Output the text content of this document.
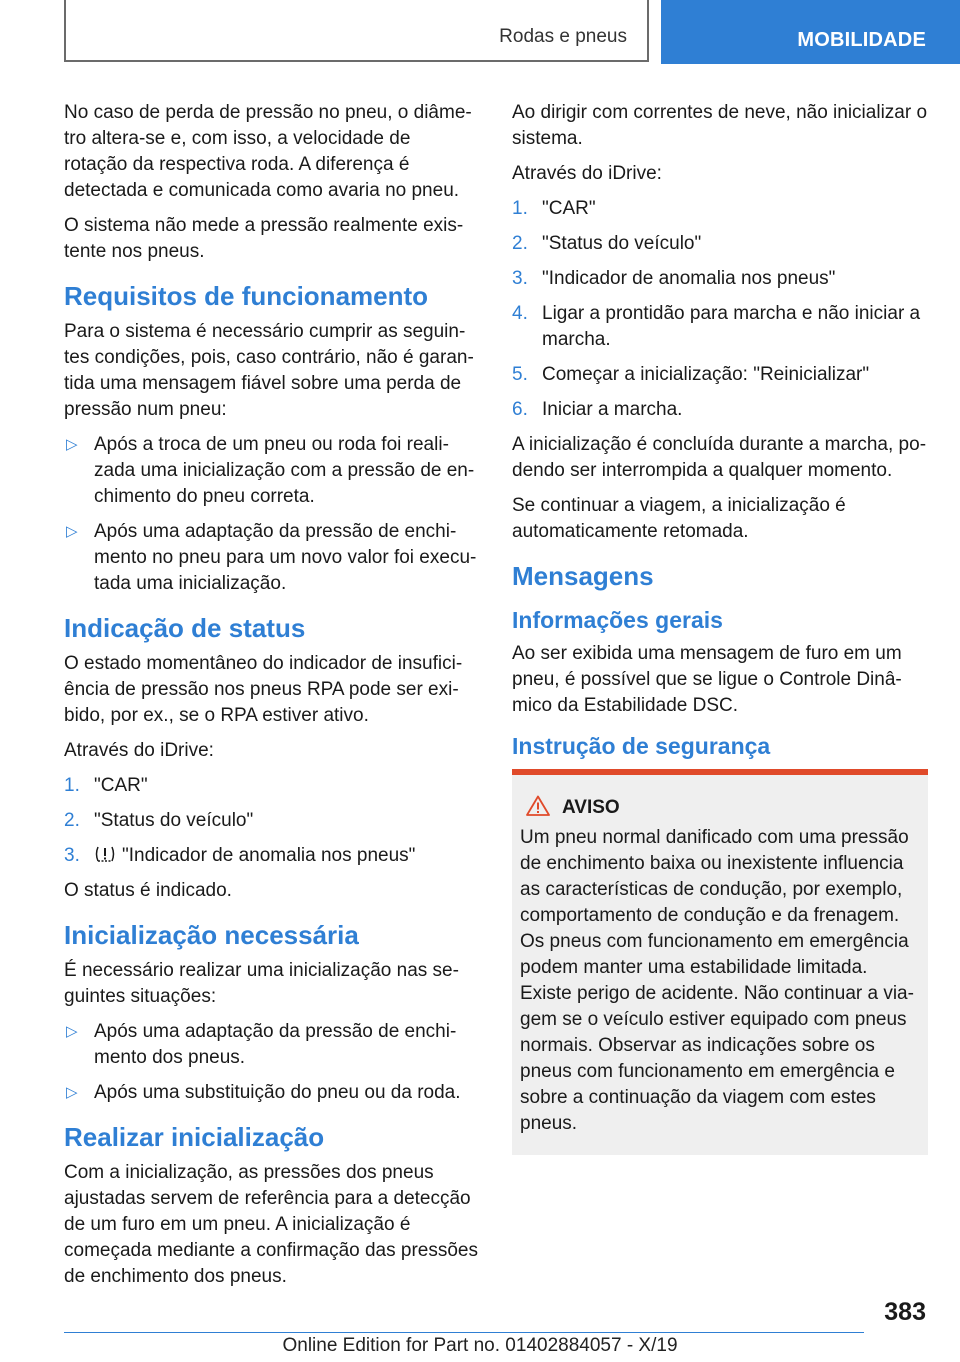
Rodas e pneus	MOBILIDADE

No caso de perda de pressão no pneu, o diâmetro altera-se e, com isso, a velocidade de rotação da respectiva roda. A diferença é detectada e comunicada como avaria no pneu.

O sistema não mede a pressão realmente existente nos pneus.

Requisitos de funcionamento

Para o sistema é necessário cumprir as seguintes condições, pois, caso contrário, não é garantida uma mensagem fiável sobre uma perda de pressão num pneu:

▷ Após a troca de um pneu ou roda foi realizada uma inicialização com a pressão de enchimento do pneu correta.
▷ Após uma adaptação da pressão de enchimento no pneu para um novo valor foi executada uma inicialização.
Indicação de status

O estado momentâneo do indicador de insuficiência de pressão nos pneus RPA pode ser exibido, por ex., se o RPA estiver ativo.

Através do iDrive:

1. "CAR"
2. "Status do veículo"
3. "Indicador de anomalia nos pneus"

O status é indicado.

Inicialização necessária

É necessário realizar uma inicialização nas seguintes situações:

▷ Após uma adaptação da pressão de enchimento dos pneus.
▷ Após uma substituição do pneu ou da roda.
Realizar inicialização

Com a inicialização, as pressões dos pneus ajustadas servem de referência para a detecção de um furo em um pneu. A inicialização é começada mediante a confirmação das pressões de enchimento dos pneus.

Ao dirigir com correntes de neve, não inicializar o sistema.

Através do iDrive:

1. "CAR"
2. "Status do veículo"
3. "Indicador de anomalia nos pneus"
4. Ligar a prontidão para marcha e não iniciar a marcha.
5. Começar a inicialização: "Reinicializar"
6. Iniciar a marcha.

A inicialização é concluída durante a marcha, podendo ser interrompida a qualquer momento.

Se continuar a viagem, a inicialização é automaticamente retomada.

Mensagens
Informações gerais

Ao ser exibida uma mensagem de furo em um pneu, é possível que se ligue o Controle Dinâmico da Estabilidade DSC.

Instrução de segurança
AVISO

Um pneu normal danificado com uma pressão de enchimento baixa ou inexistente influencia as características de condução, por exemplo, comportamento de condução e da frenagem. Os pneus com funcionamento em emergência podem manter uma estabilidade limitada. Existe perigo de acidente. Não continuar a viagem se o veículo estiver equipado com pneus normais. Observar as indicações sobre os pneus com funcionamento em emergência e sobre a continuação da viagem com estes pneus.

383
Online Edition for Part no. 01402884057 - X/19
